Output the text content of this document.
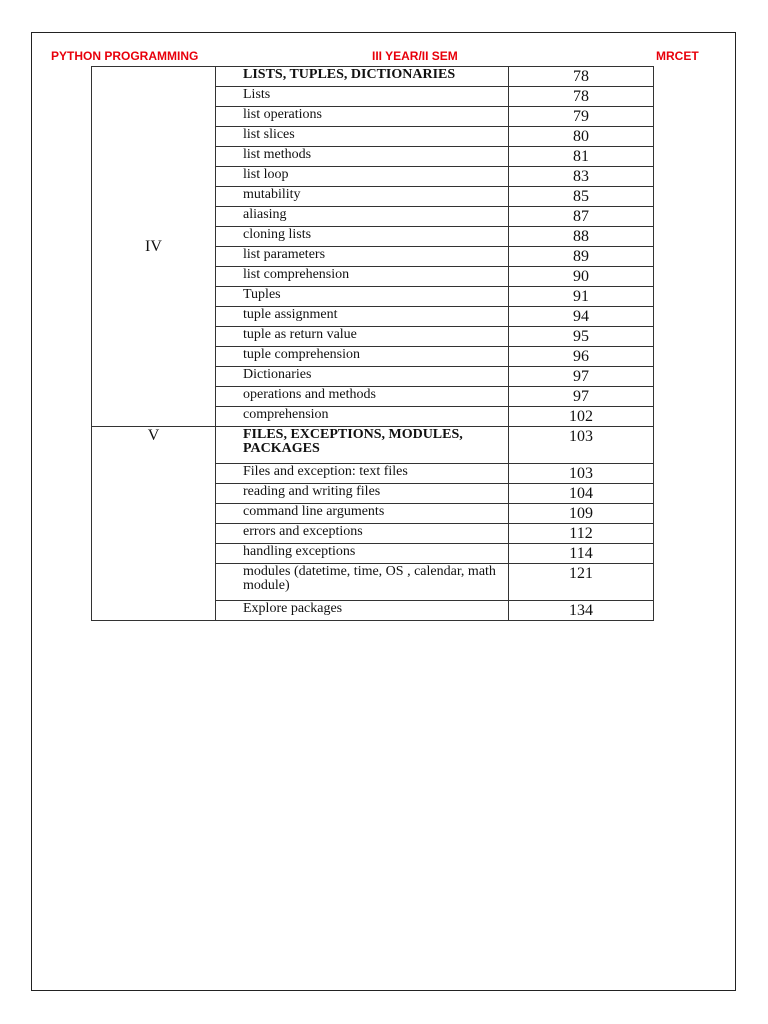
PYTHON PROGRAMMING	III YEAR/II SEM	MRCET
IV	LISTS, TUPLES, DICTIONARIES	78
	Lists	78
	list operations	79
	list slices	80
	list methods	81
	list loop	83
	mutability	85
	aliasing	87
	cloning lists	88
	list parameters	89
	list comprehension	90
	Tuples	91
	tuple assignment	94
	tuple as return value	95
	tuple comprehension	96
	Dictionaries	97
	operations and methods	97
	comprehension	102
V	FILES, EXCEPTIONS, MODULES, PACKAGES	103
	Files and exception: text files	103
	reading and writing files	104
	command line arguments	109
	errors and exceptions	112
	handling exceptions	114
	modules (datetime, time, OS , calendar, math module)	121
	Explore packages	134
